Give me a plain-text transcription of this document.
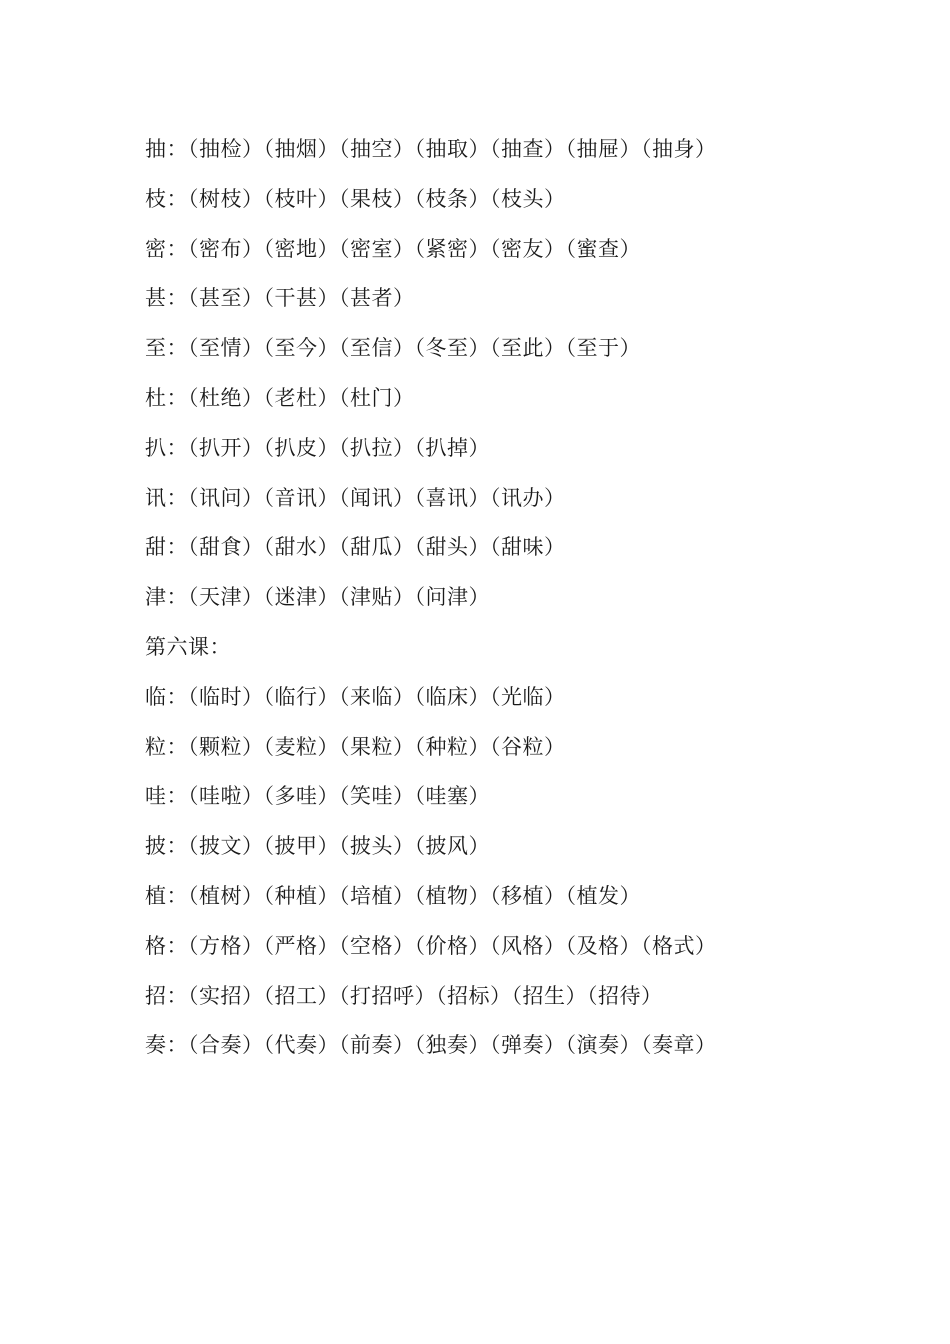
抽：（抽检）（抽烟）（抽空）（抽取）（抽查）（抽屉）（抽身）

枝：（树枝）（枝叶）（果枝）（枝条）（枝头）

密：（密布）（密地）（密室）（紧密）（密友）（蜜查）

甚：（甚至）（干甚）（甚者）

至：（至情）（至今）（至信）（冬至）（至此）（至于）

杜：（杜绝）（老杜）（杜门）

扒：（扒开）（扒皮）（扒拉）（扒掉）

讯：（讯问）（音讯）（闻讯）（喜讯）（讯办）

甜：（甜食）（甜水）（甜瓜）（甜头）（甜味）

津：（天津）（迷津）（津贴）（问津）

第六课：

临：（临时）（临行）（来临）（临床）（光临）

粒：（颗粒）（麦粒）（果粒）（种粒）（谷粒）

哇：（哇啦）（多哇）（笑哇）（哇塞）

披：（披文）（披甲）（披头）（披风）

植：（植树）（种植）（培植）（植物）（移植）（植发）

格：（方格）（严格）（空格）（价格）（风格）（及格）（格式）

招：（实招）（招工）（打招呼）（招标）（招生）（招待）

奏：（合奏）（代奏）（前奏）（独奏）（弹奏）（演奏）（奏章）
